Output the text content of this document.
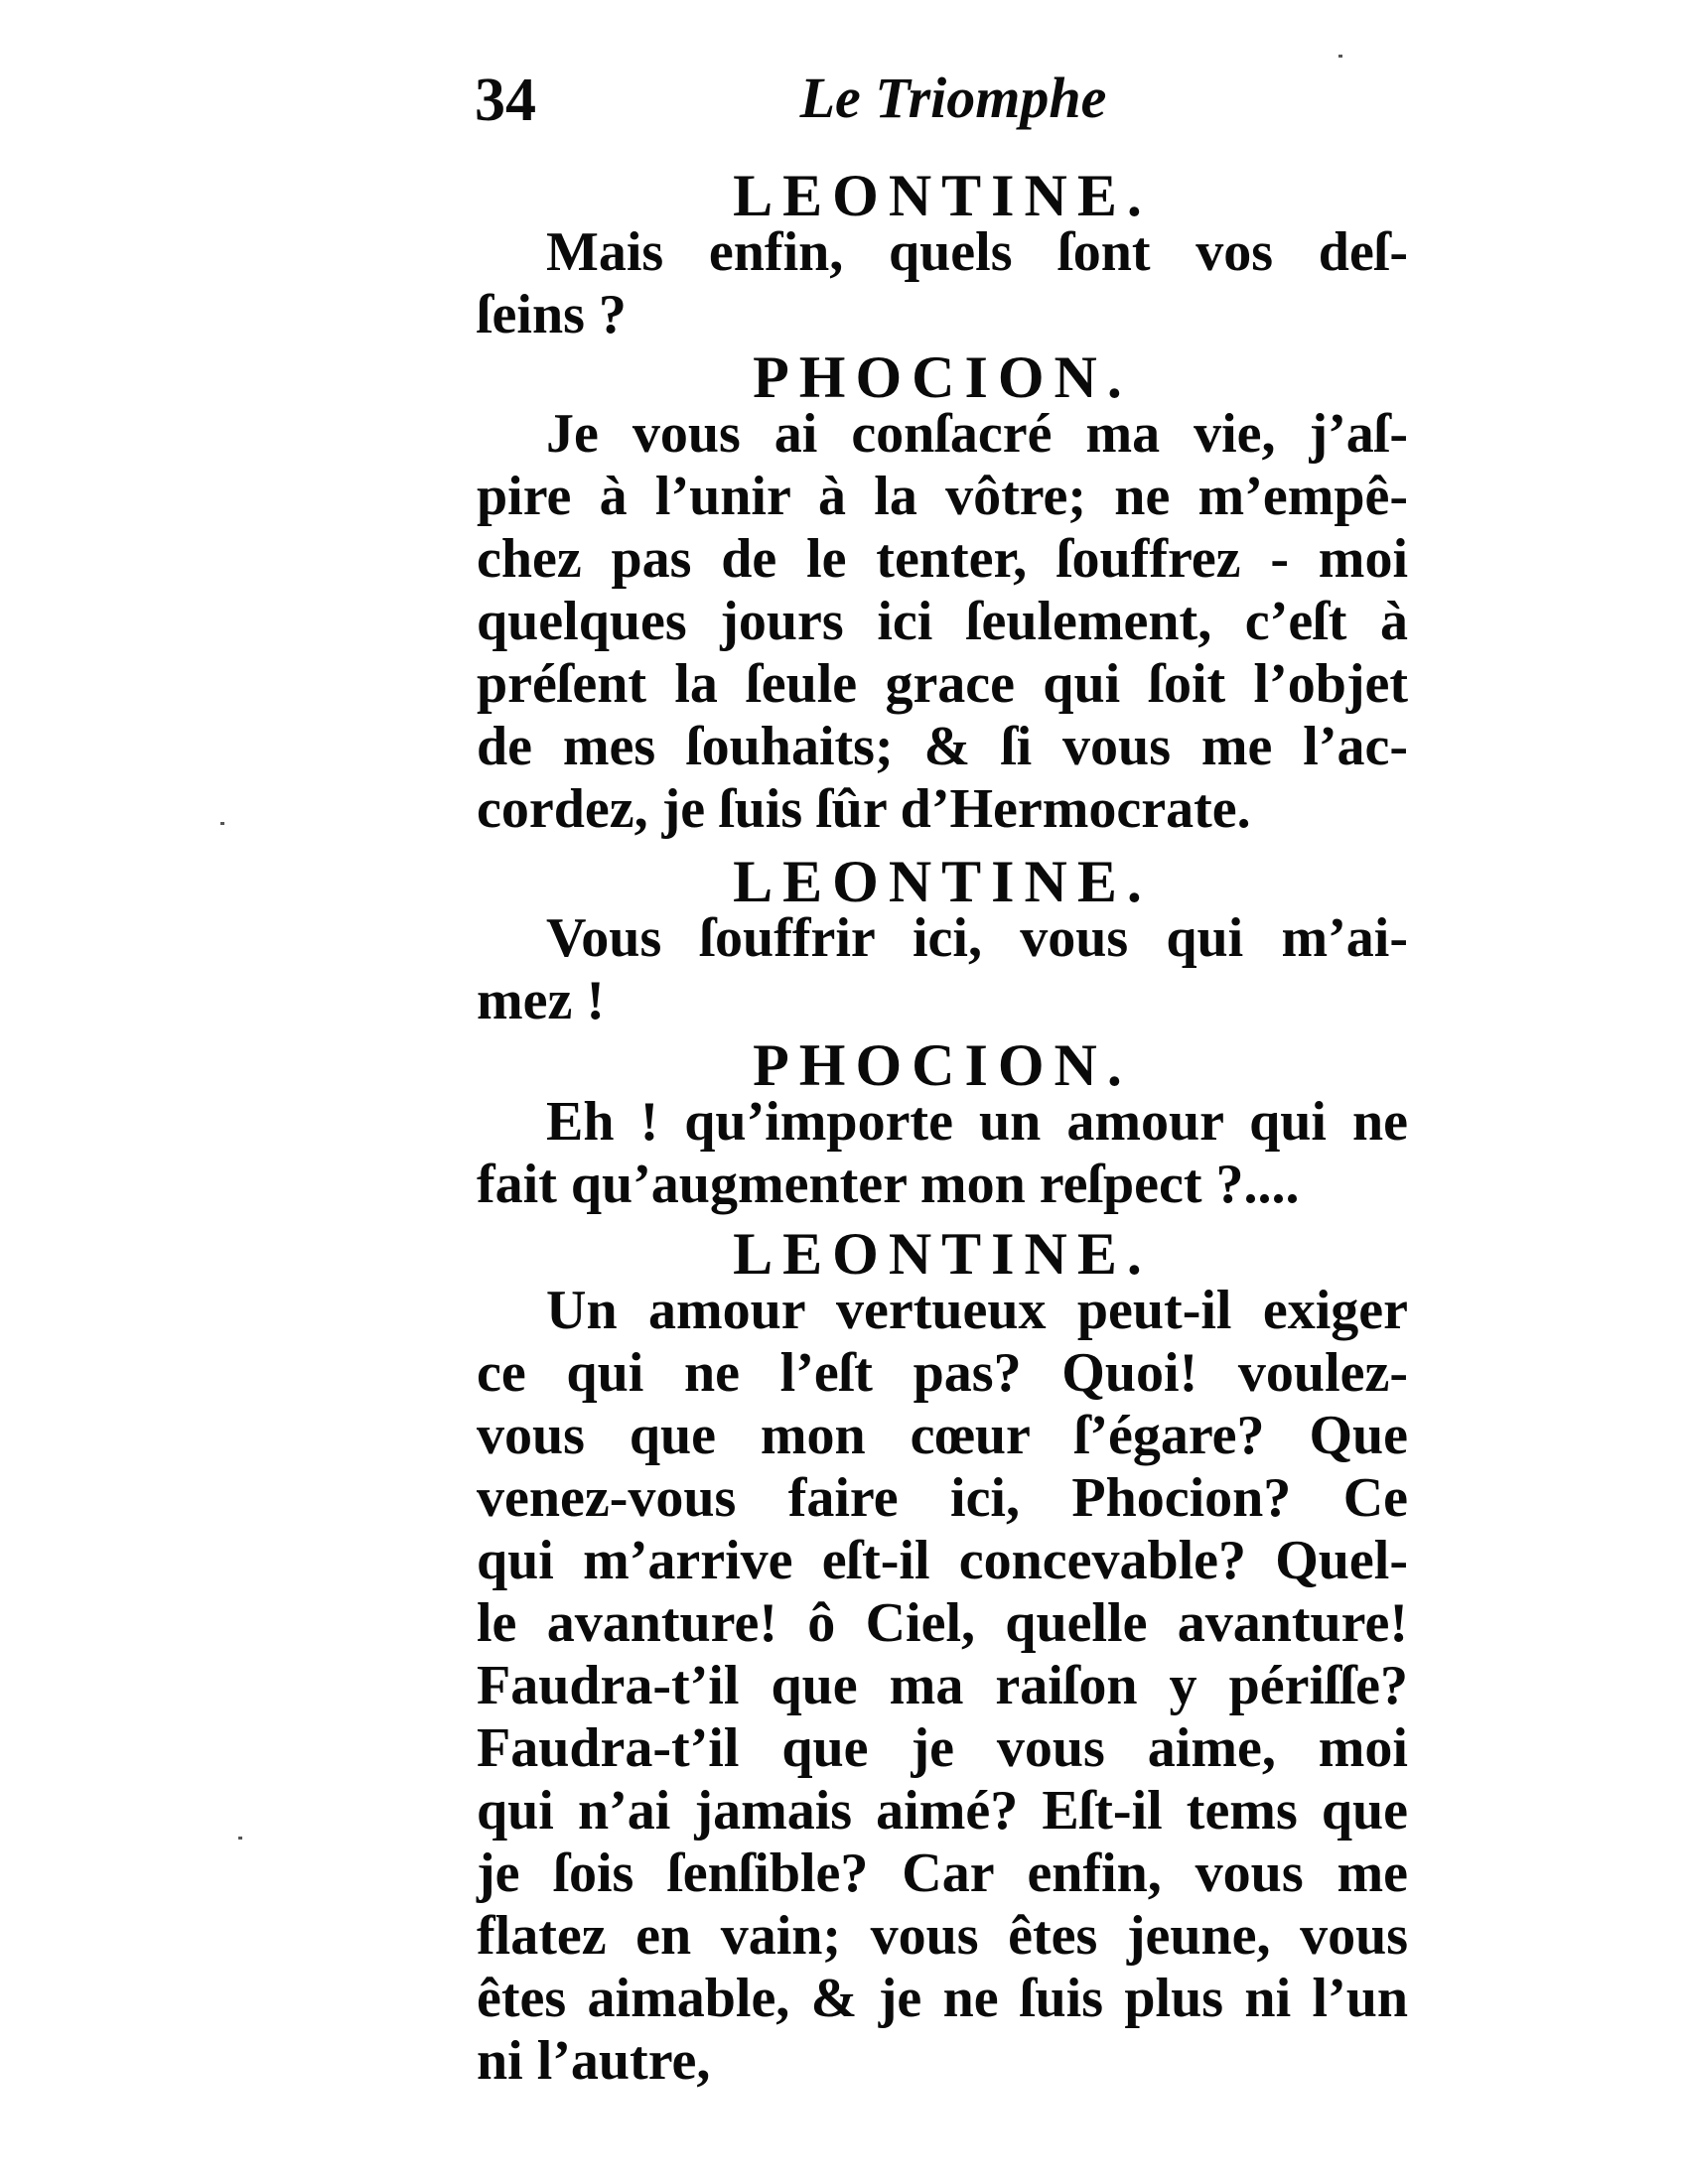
34	Le Triomphe
LEONTINE.
Mais enfin, quels ſont vos deſ-
ſeins ?
PHOCION.
Je vous ai conſacré ma vie, j’aſ-
pire à l’unir à la vôtre; ne m’empê-
chez pas de le tenter, ſouffrez - moi
quelques jours ici ſeulement, c’eſt à
préſent la ſeule grace qui ſoit l’objet
de mes ſouhaits; & ſi vous me l’ac-
cordez, je ſuis ſûr d’Hermocrate.
LEONTINE.
Vous ſouffrir ici, vous qui m’ai-
mez !
PHOCION.
Eh ! qu’importe un amour qui ne
fait qu’augmenter mon reſpect ?....
LEONTINE.
Un amour vertueux peut-il exiger
ce qui ne l’eſt pas? Quoi! voulez-
vous que mon cœur ſ’égare? Que
venez-vous faire ici, Phocion? Ce
qui m’arrive eſt-il concevable? Quel-
le avanture! ô Ciel, quelle avanture!
Faudra-t’il que ma raiſon y périſſe?
Faudra-t’il que je vous aime, moi
qui n’ai jamais aimé? Eſt-il tems que
je ſois ſenſible? Car enfin, vous me
flatez en vain; vous êtes jeune, vous
êtes aimable, & je ne ſuis plus ni l’un
ni l’autre,
